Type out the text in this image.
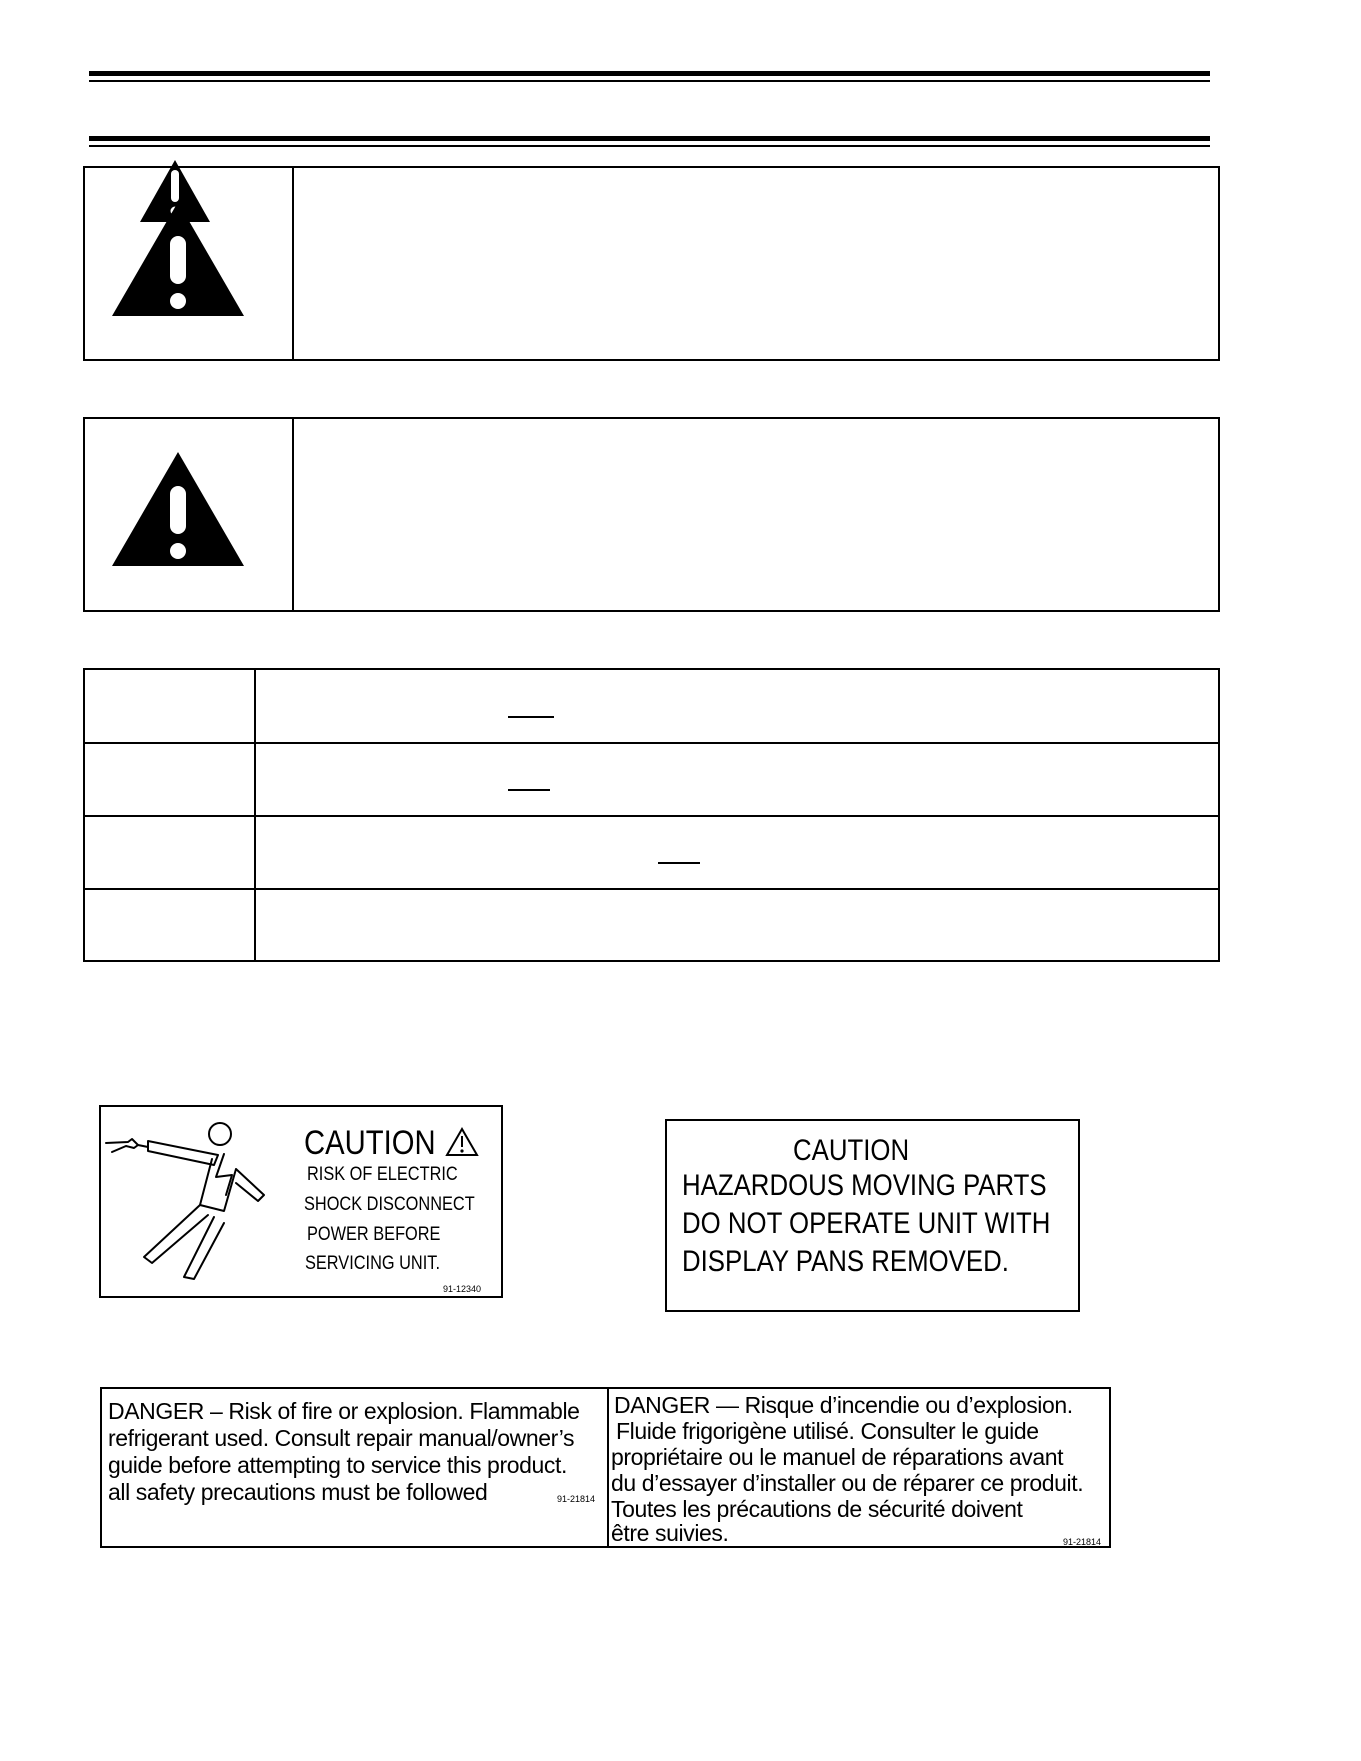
CAUTION
RISK OF ELECTRIC
SHOCK DISCONNECT
POWER BEFORE
SERVICING UNIT.
91-12340
CAUTION
HAZARDOUS MOVING PARTS
DO NOT OPERATE UNIT WITH
DISPLAY PANS REMOVED.
DANGER – Risk of fire or explosion. Flammable
refrigerant used. Consult repair manual/owner’s
guide before attempting to service this product.
all safety precautions must be followed	91-21814
DANGER — Risque d’incendie ou d’explosion.
Fluide frigorigène utilisé. Consulter le guide
propriétaire ou le manuel de réparations avant
du d’essayer d’installer ou de réparer ce produit.
Toutes les précautions de sécurité doivent
être suivies.	91-21814
